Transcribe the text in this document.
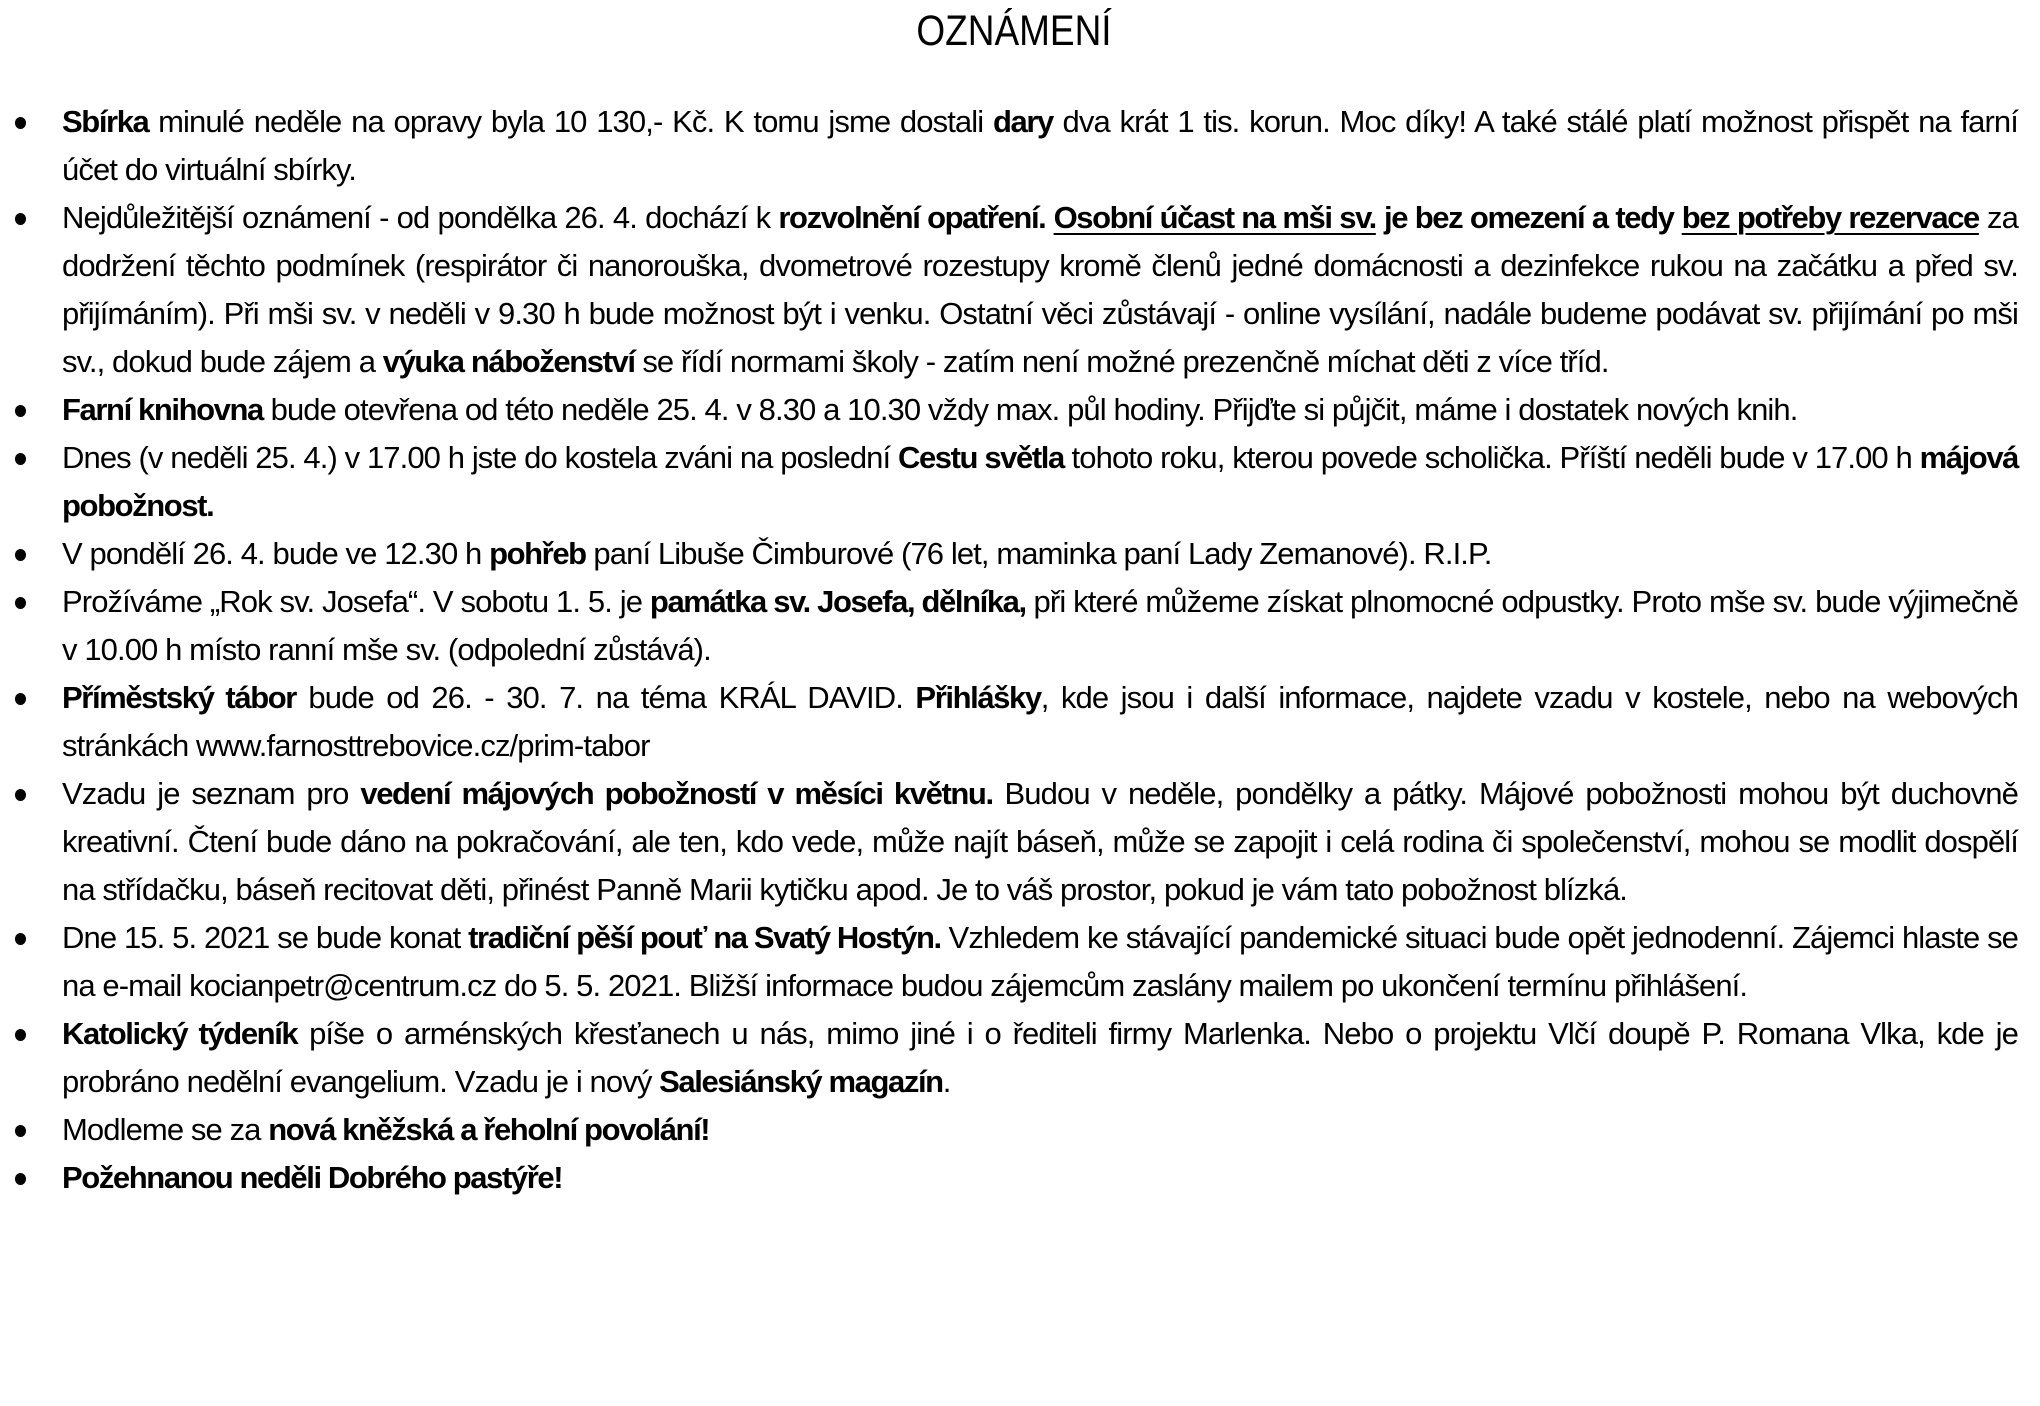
OZNÁMENÍ
Sbírka minulé neděle na opravy byla 10 130,- Kč. K tomu jsme dostali dary dva krát 1 tis. korun. Moc díky! A také stálé platí možnost přispět na farní účet do virtuální sbírky.
Nejdůležitější oznámení - od pondělka 26. 4. dochází k rozvolnění opatření. Osobní účast na mši sv. je bez omezení a tedy bez potřeby rezervace za dodržení těchto podmínek (respirátor či nanorouška, dvometrové rozestupy kromě členů jedné domácnosti a dezinfekce rukou na začátku a před sv. přijímáním). Při mši sv. v neděli v 9.30 h bude možnost být i venku. Ostatní věci zůstávají - online vysílání, nadále budeme podávat sv. přijímání po mši sv., dokud bude zájem a výuka náboženství se řídí normami školy - zatím není možné prezenčně míchat děti z více tříd.
Farní knihovna bude otevřena od této neděle 25. 4. v 8.30 a 10.30 vždy max. půl hodiny. Přijďte si půjčit, máme i dostatek nových knih.
Dnes (v neděli 25. 4.) v 17.00 h jste do kostela zváni na poslední Cestu světla tohoto roku, kterou povede scholička. Příští neděli bude v 17.00 h májová pobožnost.
V pondělí 26. 4. bude ve 12.30 h pohřeb paní Libuše Čimburové (76 let, maminka paní Lady Zemanové). R.I.P.
Prožíváme „Rok sv. Josefa“. V sobotu 1. 5. je památka sv. Josefa, dělníka, při které můžeme získat plnomocné odpustky. Proto mše sv. bude výjimečně v 10.00 h místo ranní mše sv. (odpolední zůstává).
Příměstský tábor bude od 26. - 30. 7. na téma KRÁL DAVID. Přihlášky, kde jsou i další informace, najdete vzadu v kostele, nebo na webových stránkách www.farnosttrebovice.cz/prim-tabor
Vzadu je seznam pro vedení májových pobožností v měsíci květnu. Budou v neděle, pondělky a pátky. Májové pobožnosti mohou být duchovně kreativní. Čtení bude dáno na pokračování, ale ten, kdo vede, může najít báseň, může se zapojit i celá rodina či společenství, mohou se modlit dospělí na střídačku, báseň recitovat děti, přinést Panně Marii kytičku apod. Je to váš prostor, pokud je vám tato pobožnost blízká.
Dne 15. 5. 2021 se bude konat tradiční pěší pouť na Svatý Hostýn. Vzhledem ke stávající pandemické situaci bude opět jednodenní. Zájemci hlaste se na e-mail kocianpetr@centrum.cz do 5. 5. 2021. Bližší informace budou zájemcům zaslány mailem po ukončení termínu přihlášení.
Katolický týdeník píše o arménských křesťanech u nás, mimo jiné i o řediteli firmy Marlenka. Nebo o projektu Vlčí doupě P. Romana Vlka, kde je probráno nedělní evangelium. Vzadu je i nový Salesiánský magazín.
Modleme se za nová kněžská a řeholní povolání!
Požehnanou neděli Dobrého pastýře!
